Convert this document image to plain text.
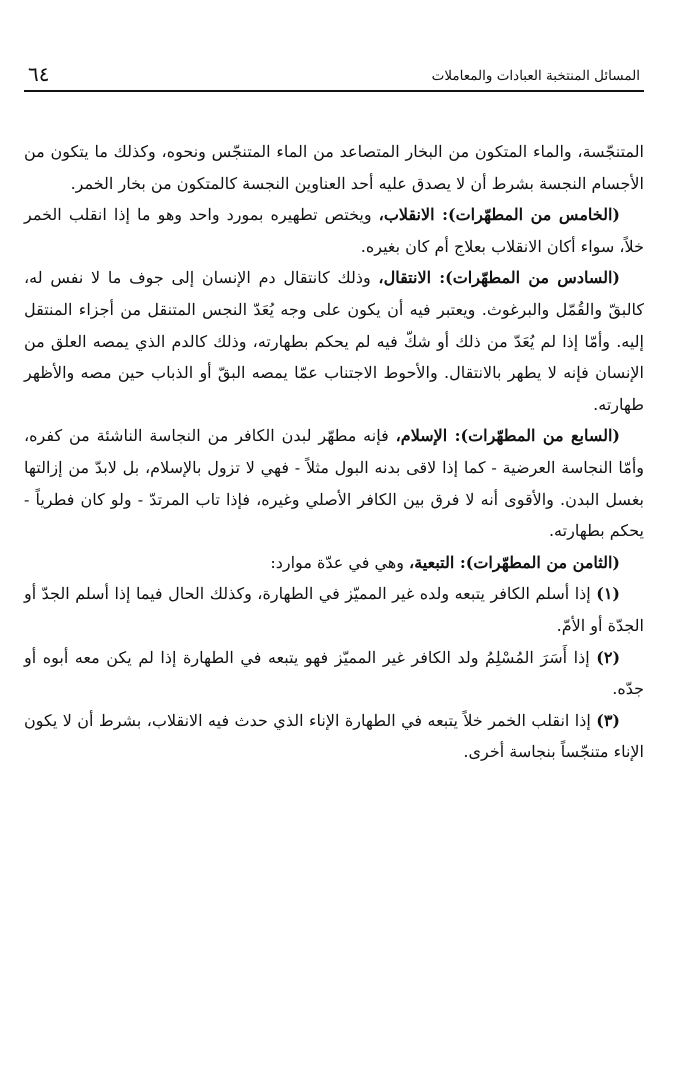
المسائل المنتخبة العبادات والمعاملات
٦٤

المتنجّسة، والماء المتكون من البخار المتصاعد من الماء المتنجّس ونحوه، وكذلك ما يتكون من الأجسام النجسة بشرط أن لا يصدق عليه أحد العناوين النجسة كالمتكون من بخار الخمر.

(الخامس من المطهّرات): الانقلاب، ويختص تطهيره بمورد واحد وهو ما إذا انقلب الخمر خلاً، سواء أكان الانقلاب بعلاج أم كان بغيره.

(السادس من المطهّرات): الانتقال، وذلك كانتقال دم الإنسان إلى جوف ما لا نفس له، كالبقّ والقُمّل والبرغوث. ويعتبر فيه أن يكون على وجه يُعَدّ النجس المتنقل من أجزاء المنتقل إليه. وأمّا إذا لم يُعَدّ من ذلك أو شكّ فيه لم يحكم بطهارته، وذلك كالدم الذي يمصه العلق من الإنسان فإنه لا يطهر بالانتقال. والأحوط الاجتناب عمّا يمصه البقّ أو الذباب حين مصه والأظهر طهارته.

(السابع من المطهّرات): الإسلام، فإنه مطهّر لبدن الكافر من النجاسة الناشئة من كفره، وأمّا النجاسة العرضية - كما إذا لاقى بدنه البول مثلاً - فهي لا تزول بالإسلام، بل لابدّ من إزالتها بغسل البدن. والأقوى أنه لا فرق بين الكافر الأصلي وغيره، فإذا تاب المرتدّ - ولو كان فطرياً - يحكم بطهارته.

(الثامن من المطهّرات): التبعية، وهي في عدّة موارد:

(١) إذا أسلم الكافر يتبعه ولده غير المميّز في الطهارة، وكذلك الحال فيما إذا أسلم الجدّ أو الجدّة أو الأمّ.

(٢) إذا أَسَرَ المُسْلِمُ ولد الكافر غير المميّز فهو يتبعه في الطهارة إذا لم يكن معه أبوه أو جدّه.

(٣) إذا انقلب الخمر خلاً يتبعه في الطهارة الإناء الذي حدث فيه الانقلاب، بشرط أن لا يكون الإناء متنجّساً بنجاسة أخرى.
